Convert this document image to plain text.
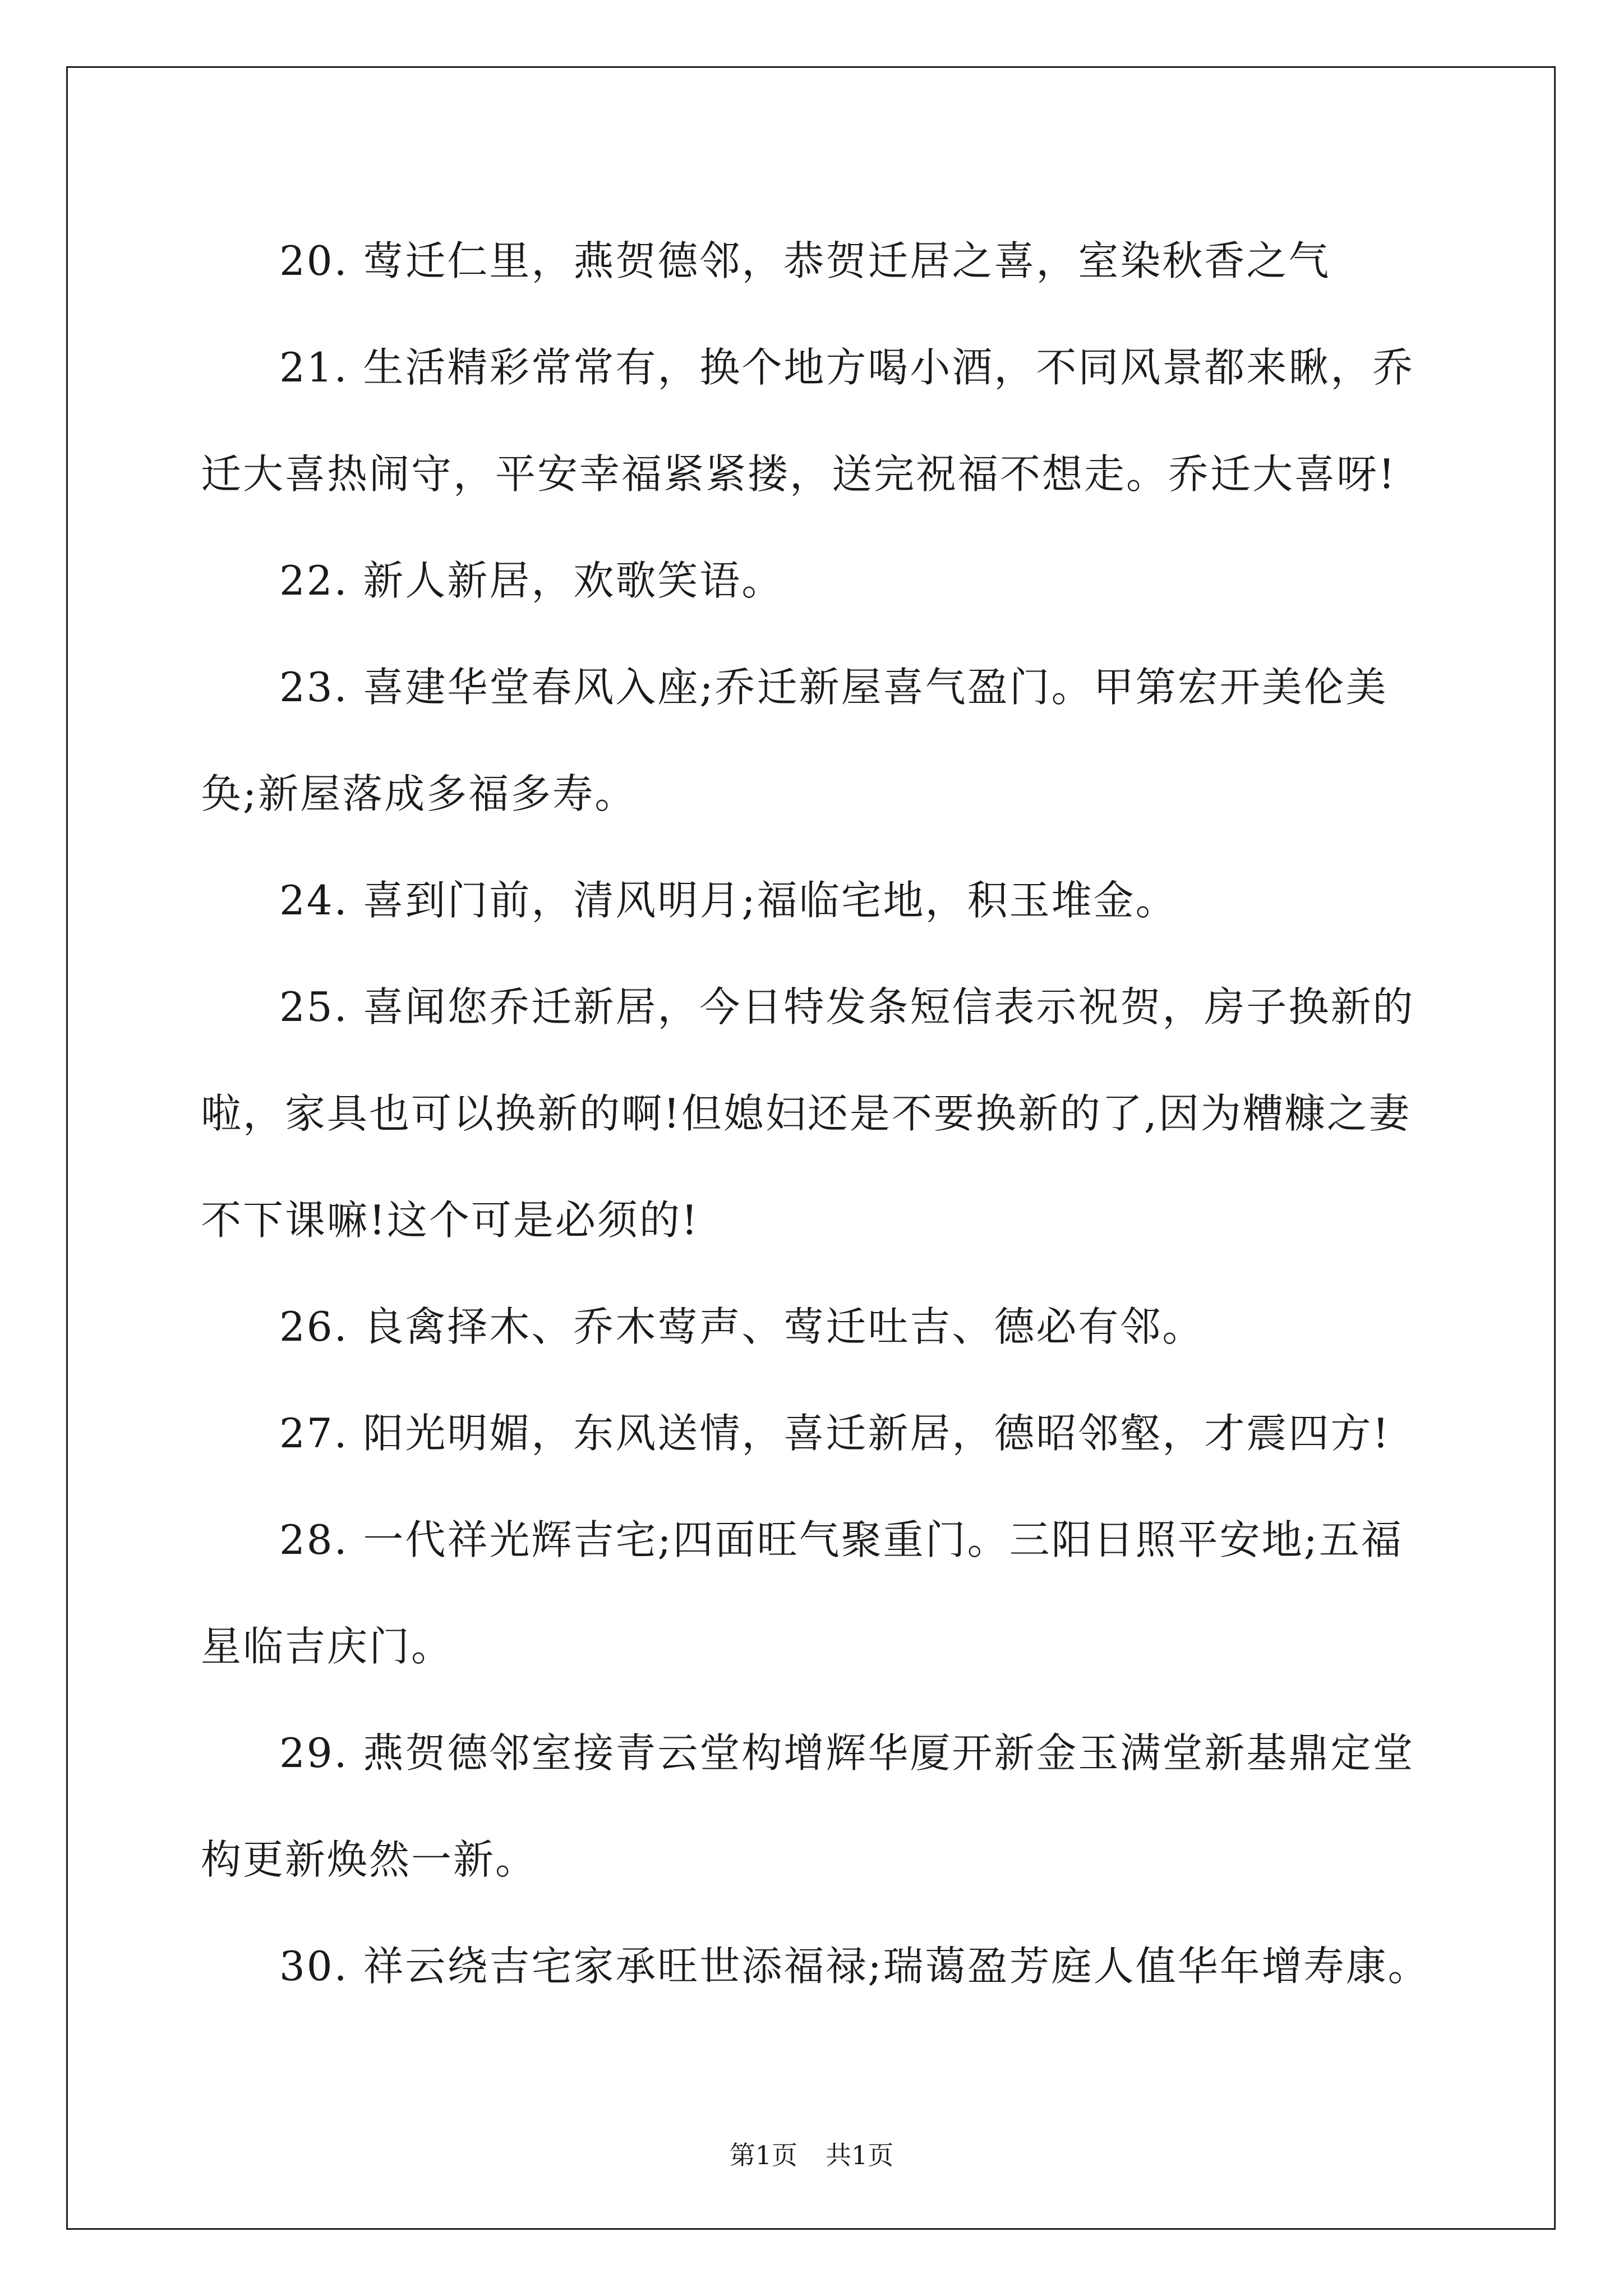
20. 莺迁仁里，燕贺德邻，恭贺迁居之喜，室染秋香之气

21. 生活精彩常常有，换个地方喝小酒，不同风景都来瞅，乔迁大喜热闹守，平安幸福紧紧搂，送完祝福不想走。乔迁大喜呀!

22. 新人新居，欢歌笑语。

23. 喜建华堂春风入座;乔迁新屋喜气盈门。甲第宏开美伦美奂;新屋落成多福多寿。

24. 喜到门前，清风明月;福临宅地，积玉堆金。

25. 喜闻您乔迁新居，今日特发条短信表示祝贺，房子换新的啦，家具也可以换新的啊!但媳妇还是不要换新的了,因为糟糠之妻不下课嘛!这个可是必须的!

26. 良禽择木、乔木莺声、莺迁吐吉、德必有邻。

27. 阳光明媚，东风送情，喜迁新居，德昭邻壑，才震四方!

28. 一代祥光辉吉宅;四面旺气聚重门。三阳日照平安地;五福星临吉庆门。

29. 燕贺德邻室接青云堂构增辉华厦开新金玉满堂新基鼎定堂构更新焕然一新。

30. 祥云绕吉宅家承旺世添福禄;瑞蔼盈芳庭人值华年增寿康。

第1页 共1页
